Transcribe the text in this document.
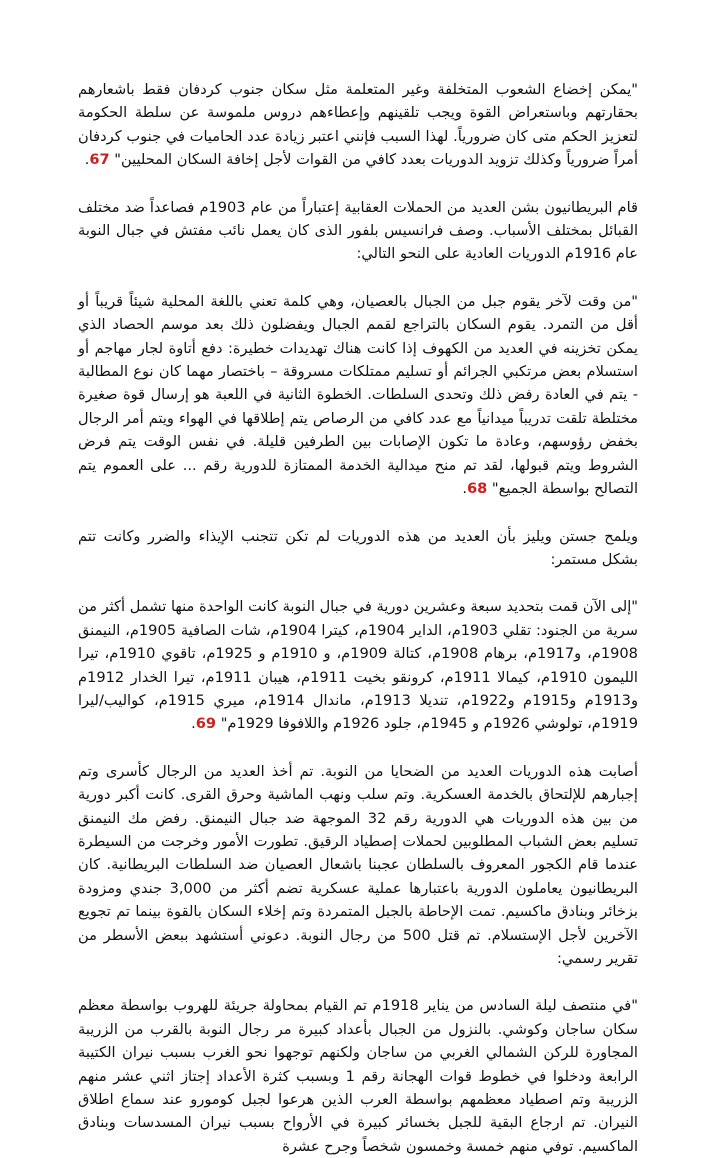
"يمكن إخضاع الشعوب المتخلفة وغير المتعلمة مثل سكان جنوب كردفان فقط باشعارهم بحقارتهم وباستعراض القوة ويجب تلقينهم وإعطاءهم دروس ملموسة عن سلطة الحكومة لتعزيز الحكم متى كان ضرورياً. لهذا السبب فإنني اعتبر زيادة عدد الحاميات في جنوب كردفان أمراً ضرورياً وكذلك تزويد الدوريات بعدد كافي من القوات لأجل إخافة السكان المحليين"

67.

قام البريطانيون بشن العديد من الحملات العقابية إعتباراً من عام 1903م فصاعداً ضد مختلف القبائل بمختلف الأسباب. وصف فرانسيس بلفور الذى كان يعمل نائب مفتش في جبال النوبة عام 1916م الدوريات العادية على النحو التالي:

"من وقت لآخر يقوم جبل من الجبال بالعصيان، وهي كلمة تعني باللغة المحلية شيئاً قريباً أو أقل من التمرد. يقوم السكان بالتراجع لقمم الجبال ويفضلون ذلك بعد موسم الحصاد الذي يمكن تخزينه في العديد من الكهوف إذا كانت هناك تهديدات خطيرة: دفع أتاوة لجار مهاجم أو استسلام بعض مرتكبي الجرائم أو تسليم ممتلكات مسروقة – باختصار مهما كان نوع المطالبة - يتم في العادة رفض ذلك وتحدى السلطات. الخطوة الثانية في اللعبة هو إرسال قوة صغيرة مختلطة تلقت تدريباً ميدانياً مع عدد كافي من الرصاص يتم إطلاقها في الهواء ويتم أمر الرجال بخفض رؤوسهم، وعادة ما تكون الإصابات بين الطرفين قليلة. في نفس الوقت يتم فرض الشروط ويتم قبولها، لقد تم منح ميدالية الخدمة الممتازة للدورية رقم ... على العموم يتم التصالح بواسطة الجميع"

68.

ويلمح جستن ويليز بأن العديد من هذه الدوريات لم تكن تتجنب الإيذاء والضرر وكانت تتم بشكل مستمر:

"إلى الآن قمت بتحديد سبعة وعشرين دورية في جبال النوبة كانت الواحدة منها تشمل أكثر من سرية من الجنود: تقلي 1903م، الداير 1904م، كيترا 1904م، شات الصافية 1905م، النيمنق 1908م، و1917م، برهام 1908م، كتالة 1909م، و 1910م و 1925م، تاقوي 1910م، تيرا الليمون 1910م، كيمالا 1911م، كرونقو بخيت 1911م، هيبان 1911م، تيرا الخدار 1912م و1913م و1915م و1922م، تنديلا 1913م، ماندال 1914م، ميري 1915م، كواليب/ليرا 1919م، تولوشي 1926م و 1945م، جلود 1926م واللافوفا 1929م"

69.

أصابت هذه الدوريات العديد من الضحايا من النوبة. تم أخذ العديد من الرجال كأسرى وتم إجبارهم للإلتحاق بالخدمة العسكرية. وتم سلب ونهب الماشية وحرق القرى. كانت أكبر دورية من بين هذه الدوريات هي الدورية رقم 32 الموجهة ضد جبال النيمنق. رفض مك النيمنق تسليم بعض الشباب المطلوبين لحملات إصطياد الرقيق. تطورت الأمور وخرجت من السيطرة عندما قام الكجور المعروف بالسلطان عجبنا باشعال العصيان ضد السلطات البريطانية. كان البريطانيون يعاملون الدورية باعتبارها عملية عسكرية تضم أكثر من 3,000 جندي ومزودة بزخائر وبنادق ماكسيم. تمت الإحاطة بالجبل المتمردة وتم إخلاء السكان بالقوة بينما تم تجويع الآخرين لأجل الإستسلام. تم قتل 500 من رجال النوبة. دعوني أستشهد ببعض الأسطر من تقرير رسمي:

"في منتصف ليلة السادس من يناير 1918م تم القيام بمحاولة جريئة للهروب بواسطة معظم سكان ساجان وكوشي. بالنزول من الجبال بأعداد كبيرة مر رجال النوبة بالقرب من الزريبة المجاورة للركن الشمالي الغربي من ساجان ولكنهم توجهوا نحو الغرب بسبب نيران الكتيبة الرابعة ودخلوا في خطوط قوات الهجانة رقم 1 وبسبب كثرة الأعداد إجتاز اثني عشر منهم الزريبة وتم اصطياد معظمهم بواسطة العرب الذين هرعوا لجبل كومورو عند سماع اطلاق النيران. تم ارجاع البقية للجبل بخسائر كبيرة في الأرواح بسبب نيران المسدسات وبنادق الماكسيم. توفي منهم خمسة وخمسون شخصاً وجرح عشرة
